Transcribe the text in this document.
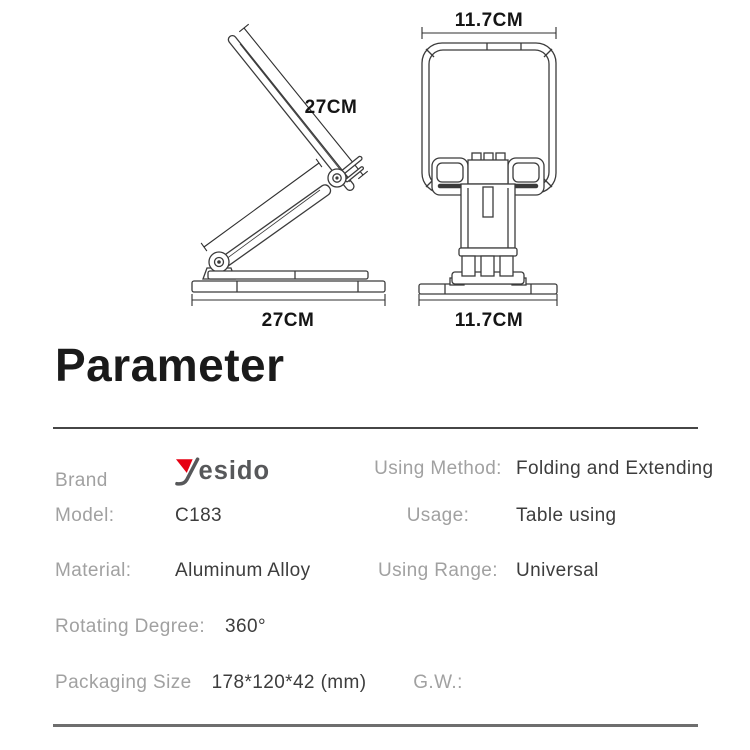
27CM
27CM
11.7CM
11.7CM
Parameter
Brand	esido
Model:	C183
Material:	Aluminum Alloy
Rotating Degree: 360°
Packaging Size 178*120*42 (mm)
Using Method: Folding and Extending
Usage:	Table using
Using Range: Universal
G.W.:
